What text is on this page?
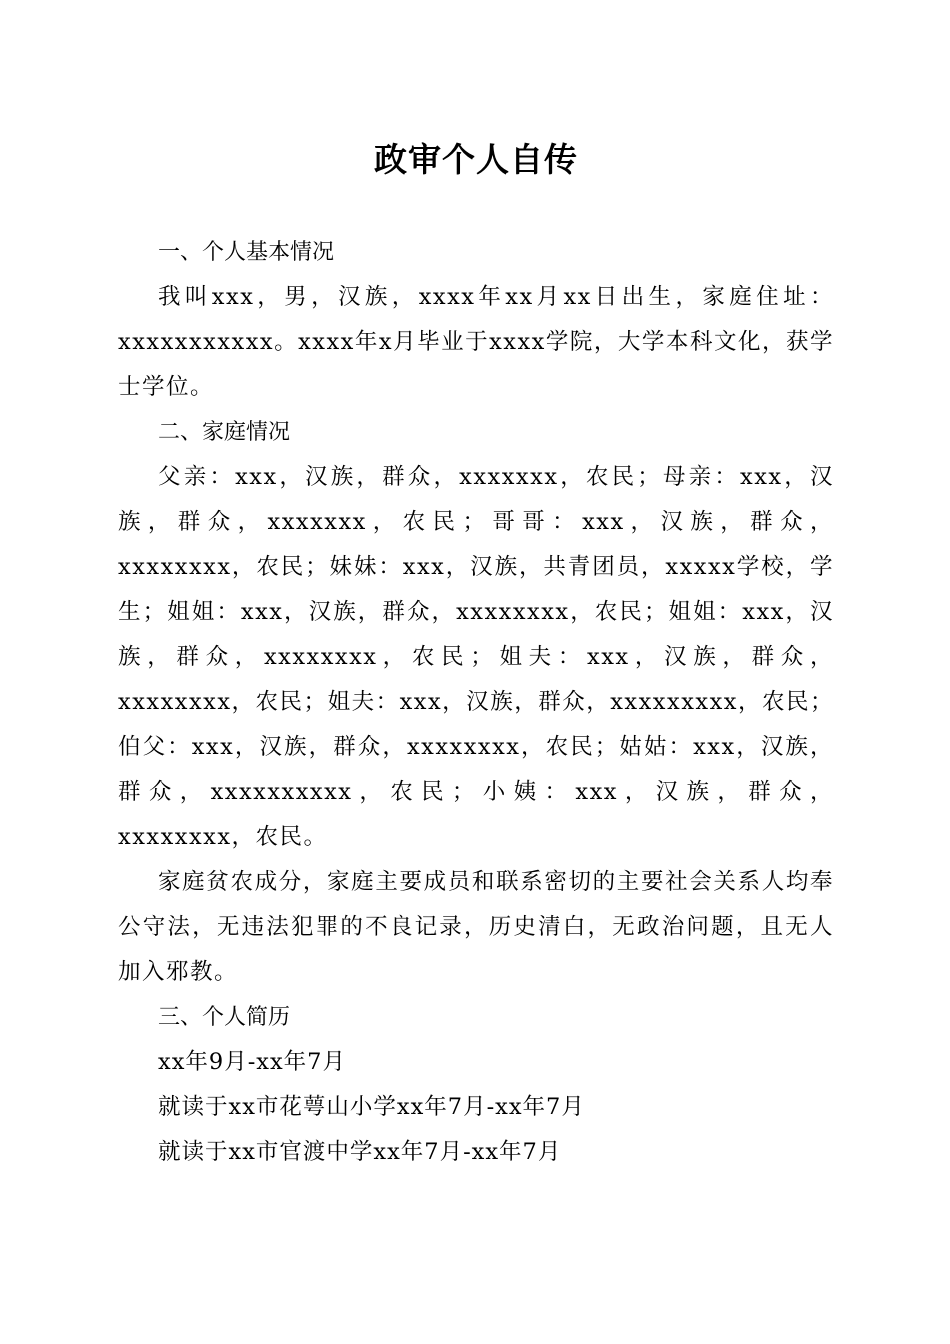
政审个人自传
一、个人基本情况

我叫xxx，男，汉族，xxxx年xx月xx日出生，家庭住址：xxxxxxxxxxx。xxxx年x月毕业于xxxx学院，大学本科文化，获学士学位。

二、家庭情况

父亲：xxx，汉族，群众，xxxxxxx，农民；母亲：xxx，汉族，群众，xxxxxxx，农民；哥哥：xxx，汉族，群众，xxxxxxxx，农民；妹妹：xxx，汉族，共青团员，xxxxx学校，学生；姐姐：xxx，汉族，群众，xxxxxxxx，农民；姐姐：xxx，汉族，群众，xxxxxxxx，农民；姐夫：xxx，汉族，群众，xxxxxxxx，农民；姐夫：xxx，汉族，群众，xxxxxxxxx，农民；伯父：xxx，汉族，群众，xxxxxxxx，农民；姑姑：xxx，汉族，群众，xxxxxxxxxx，农民；小姨：xxx，汉族，群众，xxxxxxxx，农民。

家庭贫农成分，家庭主要成员和联系密切的主要社会关系人均奉公守法，无违法犯罪的不良记录，历史清白，无政治问题，且无人加入邪教。

三、个人简历

xx年9月-xx年7月

就读于xx市花萼山小学xx年7月-xx年7月

就读于xx市官渡中学xx年7月-xx年7月
